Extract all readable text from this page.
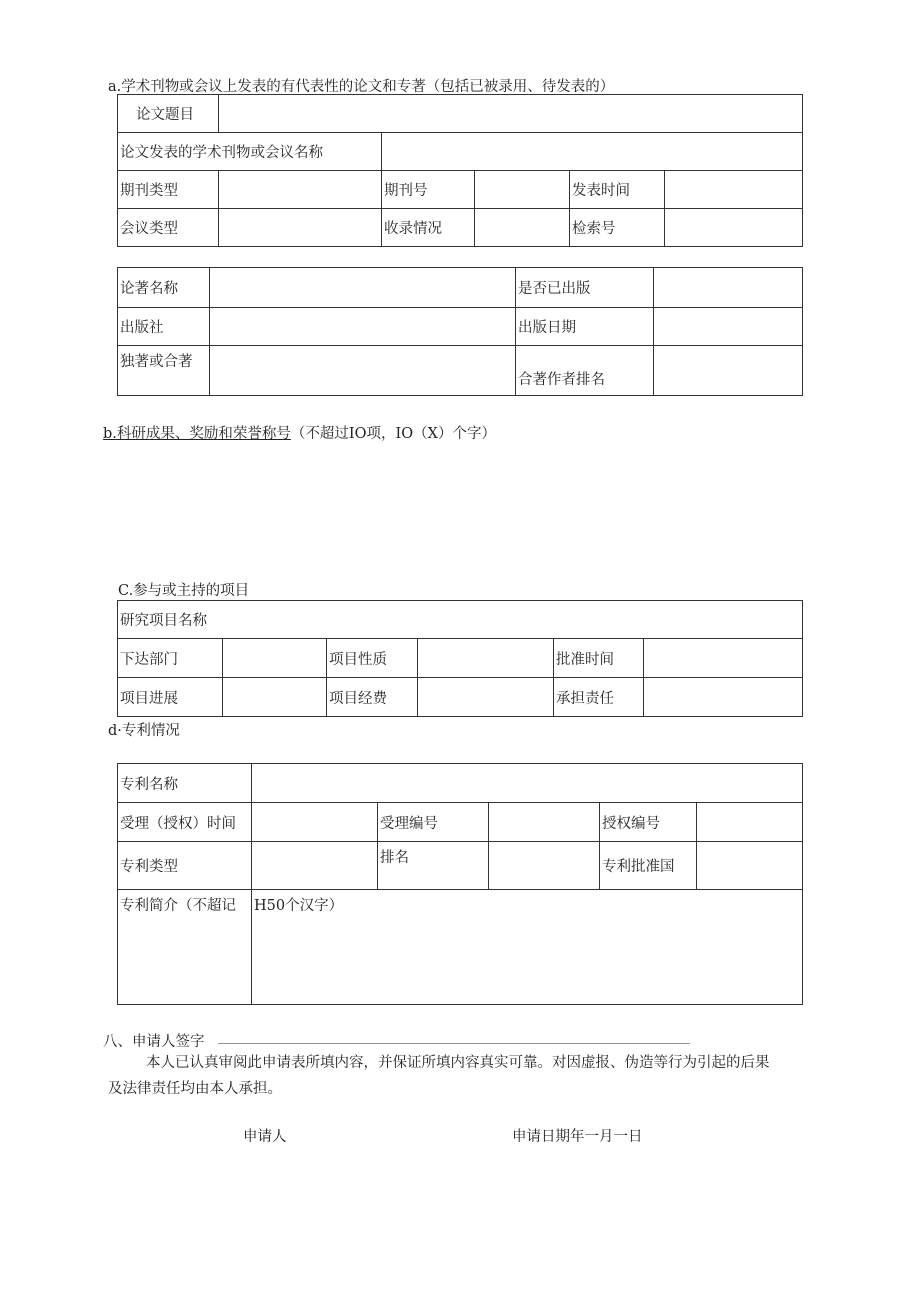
a.学术刊物或会议上发表的有代表性的论文和专著（包括已被录用、待发表的）
论文题目					
论文发表的学术刊物或会议名称					
期刊类型		期刊号		发表时间	
会议类型		收录情况		检索号	
论著名称		是否已出版	
出版社		出版日期	
独著或合著		合著作者排名	
b.科研成果、奖励和荣誉称号（不超过IO项，IO（X）个字）
C.参与或主持的项目
研究项目名称					
下达部门		项目性质		批准时间	
项目进展		项目经费		承担责任	
d·专利情况
专利名称					
受理（授权）时间		受理编号		授权编号	
专利类型		排名		专利批准国	
专利简介（不超记	H50个汉字）				
八、申请人签字
本人已认真审阅此申请表所填内容，并保证所填内容真实可靠。对因虚报、伪造等行为引起的后果
及法律责任均由本人承担。
申请人	申请日期年一月一日
